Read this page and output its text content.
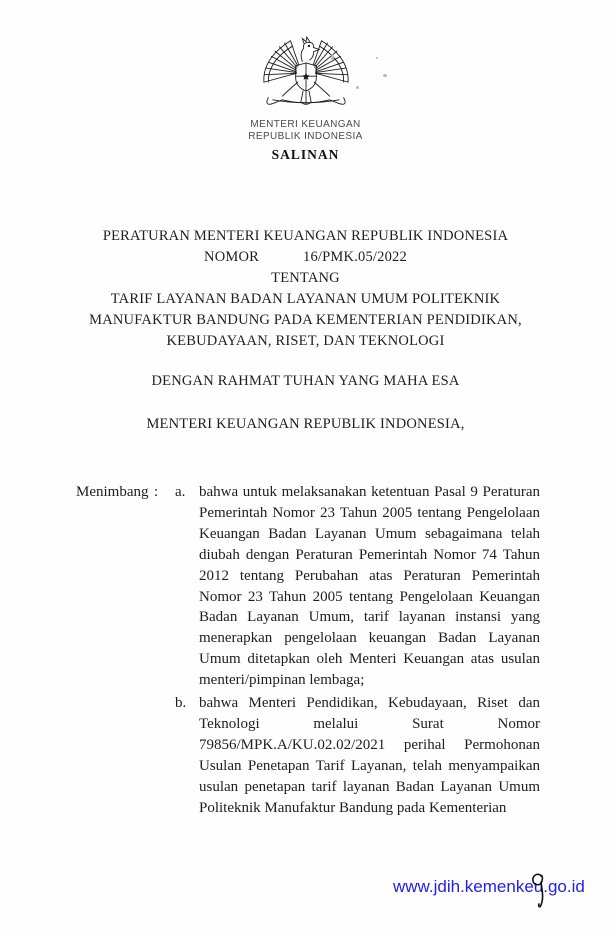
MENTERI KEUANGAN
REPUBLIK INDONESIA
SALINAN
PERATURAN MENTERI KEUANGAN REPUBLIK INDONESIA
NOMOR	16/PMK.05/2022
TENTANG
TARIF LAYANAN BADAN LAYANAN UMUM POLITEKNIK MANUFAKTUR BANDUNG PADA KEMENTERIAN PENDIDIKAN, KEBUDAYAAN, RISET, DAN TEKNOLOGI
DENGAN RAHMAT TUHAN YANG MAHA ESA
MENTERI KEUANGAN REPUBLIK INDONESIA,
Menimbang :	a. bahwa untuk melaksanakan ketentuan Pasal 9 Peraturan Pemerintah Nomor 23 Tahun 2005 tentang Pengelolaan Keuangan Badan Layanan Umum sebagaimana telah diubah dengan Peraturan Pemerintah Nomor 74 Tahun 2012 tentang Perubahan atas Peraturan Pemerintah Nomor 23 Tahun 2005 tentang Pengelolaan Keuangan Badan Layanan Umum, tarif layanan instansi yang menerapkan pengelolaan keuangan Badan Layanan Umum ditetapkan oleh Menteri Keuangan atas usulan menteri/pimpinan lembaga;
b. bahwa Menteri Pendidikan, Kebudayaan, Riset dan Teknologi melalui Surat Nomor 79856/MPK.A/KU.02.02/2021 perihal Permohonan Usulan Penetapan Tarif Layanan, telah menyampaikan usulan penetapan tarif layanan Badan Layanan Umum Politeknik Manufaktur Bandung pada Kementerian
www.jdih.kemenkeu.go.id
